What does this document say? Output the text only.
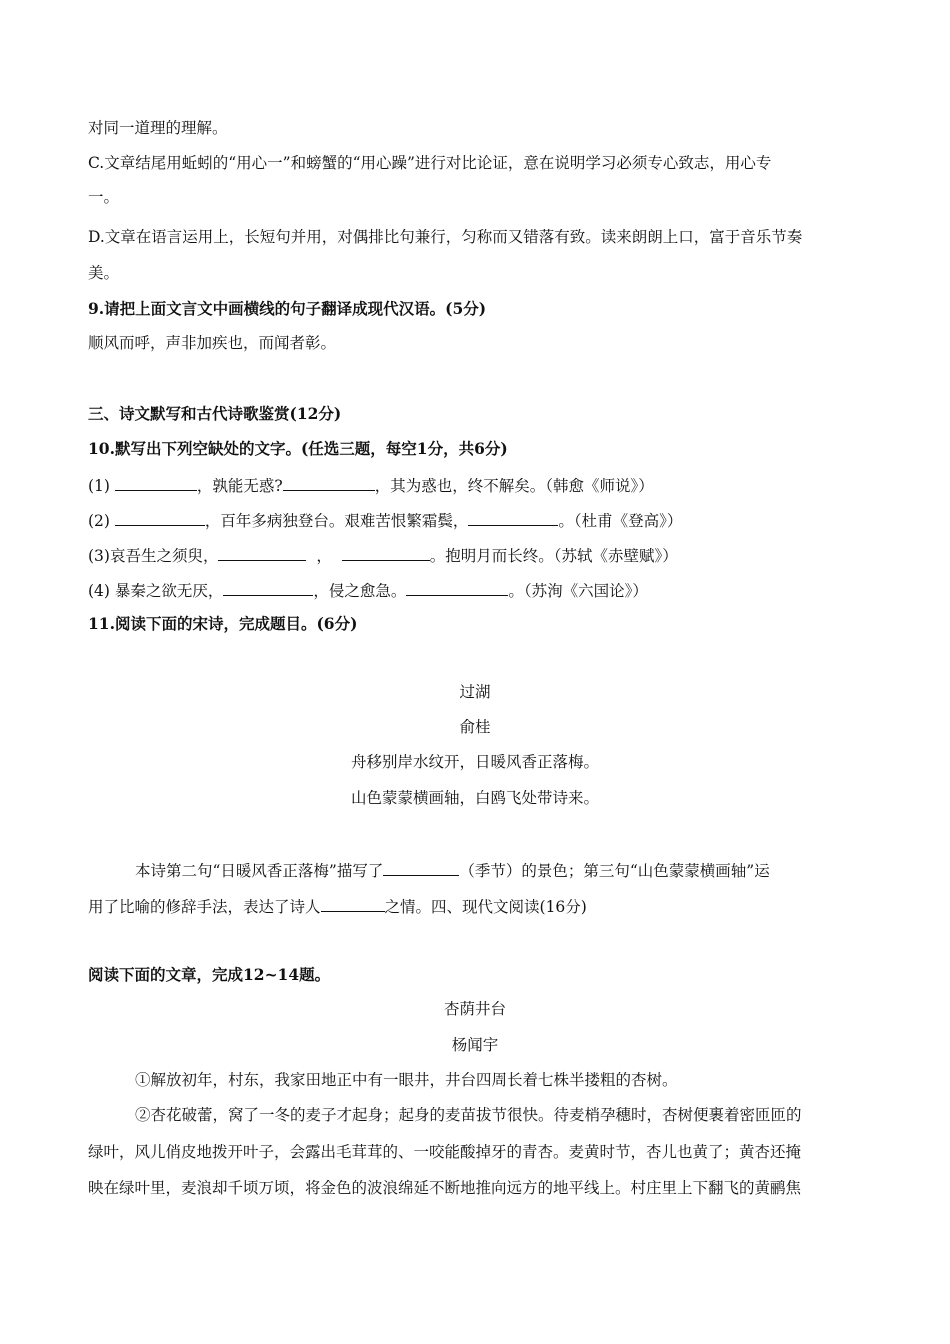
对同一道理的理解。
C.文章结尾用蚯蚓的“用心一”和螃蟹的“用心躁”进行对比论证，意在说明学习必须专心致志，用心专
一。
D.文章在语言运用上，长短句并用，对偶排比句兼行，匀称而又错落有致。读来朗朗上口，富于音乐节奏
美。
9.请把上面文言文中画横线的句子翻译成现代汉语。(5分)
顺风而呼，声非加疾也，而闻者彰。
三、诗文默写和古代诗歌鉴赏(12分)
10.默写出下列空缺处的文字。(任选三题，每空1分，共6分)
(1)	，孰能无惑?	，其为惑也，终不解矣。（韩愈《师说》）
(2)	，百年多病独登台。艰难苦恨繁霜鬓，	。（杜甫《登高》）
(3)哀吾生之须臾，	，	。抱明月而长终。（苏轼《赤壁赋》）
(4) 暴秦之欲无厌，	，侵之愈急。	。（苏洵《六国论》）
11.阅读下面的宋诗，完成题目。(6分)
过湖
俞桂
舟移别岸水纹开，日暖风香正落梅。
山色蒙蒙横画轴，白鸥飞处带诗来。
本诗第二句“日暖风香正落梅”描写了	（季节）的景色；第三句“山色蒙蒙横画轴”运
用了比喻的修辞手法，表达了诗人	之情。四、现代文阅读(16分)
阅读下面的文章，完成12~14题。
杏荫井台
杨闻宇
①解放初年，村东，我家田地正中有一眼井，井台四周长着七株半搂粗的杏树。
②杏花破蕾，窝了一冬的麦子才起身；起身的麦苗拔节很快。待麦梢孕穗时，杏树便裹着密匝匝的
绿叶，风儿俏皮地拨开叶子，会露出毛茸茸的、一咬能酸掉牙的青杏。麦黄时节，杏儿也黄了；黄杏还掩
映在绿叶里，麦浪却千顷万顷，将金色的波浪绵延不断地推向远方的地平线上。村庄里上下翻飞的黄鹂焦
